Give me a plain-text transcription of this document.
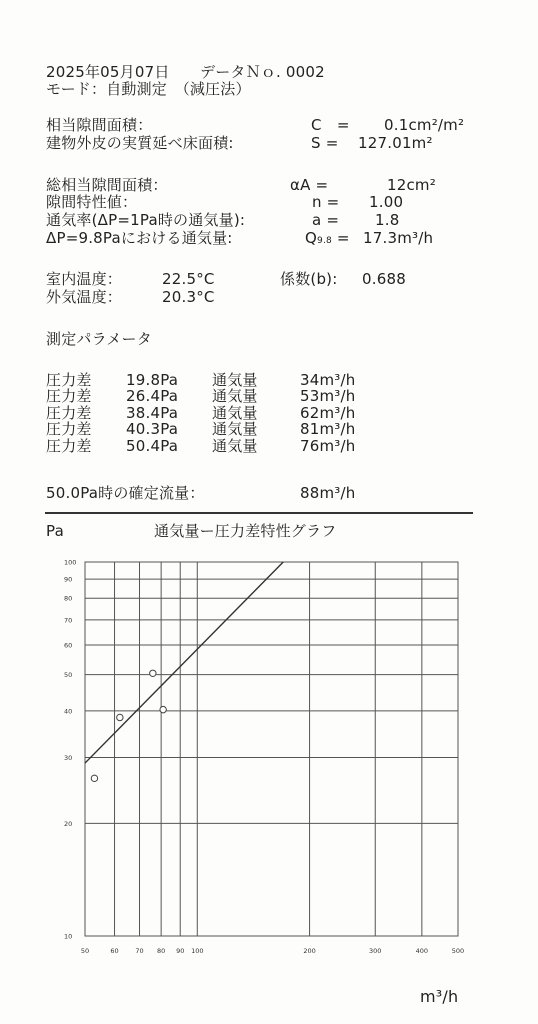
2025年05月07日 データＮｏ. 0002
モード：自動測定　（減圧法）
相当隙間面積：	C　= 0.1cm²/m²
建物外皮の実質延べ床面積:	S = 127.01m²
総相当隙間面積：	αA =	12cm²
隙間特性値：	n = 1.00
通気率(ΔP=1Pa時の通気量):	a = 1.8
ΔP=9.8Paにおける通気量:	Q9.8 = 17.3m³/h
室内温度：	22.5°C	係数(b): 0.688
外気温度：	20.3°C
測定パラメータ
圧力差 19.8Pa 通気量	34m³/h
圧力差 26.4Pa 通気量	53m³/h
圧力差 38.4Pa 通気量	62m³/h
圧力差 40.3Pa 通気量	81m³/h
圧力差 50.4Pa 通気量	76m³/h
50.0Pa時の確定流量：	88m³/h
Pa	通気量ー圧力差特性グラフ
m³/h
10
20
30
40
50
60
70
80
90
100
50	60	70 80 90 100	200	300	400	500
